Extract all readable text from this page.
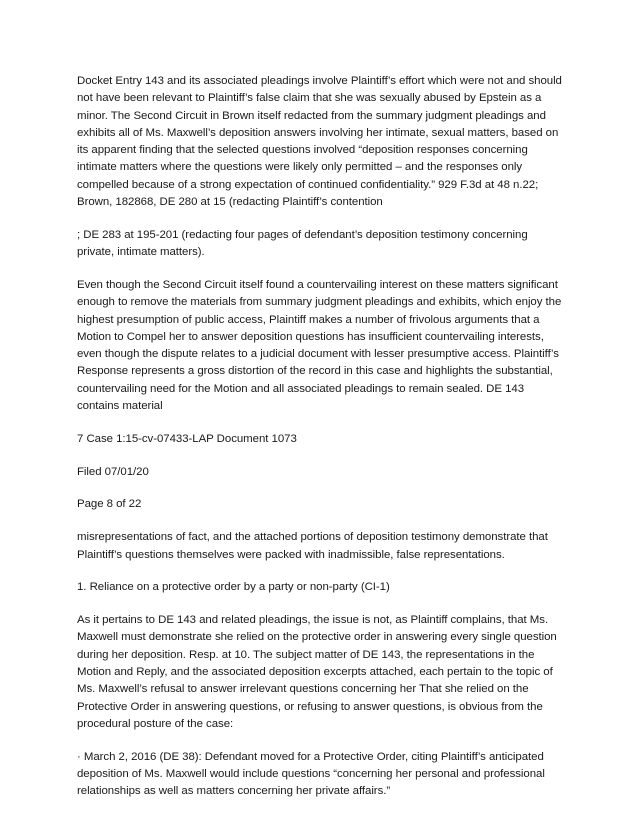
Docket Entry 143 and its associated pleadings involve Plaintiff’s effort which were not and should not have been relevant to Plaintiff’s false claim that she was sexually abused by Epstein as a minor. The Second Circuit in Brown itself redacted from the summary judgment pleadings and exhibits all of Ms. Maxwell’s deposition answers involving her intimate, sexual matters, based on its apparent finding that the selected questions involved “deposition responses concerning intimate matters where the questions were likely only permitted – and the responses only compelled because of a strong expectation of continued confidentiality.” 929 F.3d at 48 n.22; Brown, 182868, DE 280 at 15 (redacting Plaintiff’s contention

; DE 283 at 195-201 (redacting four pages of defendant’s deposition testimony concerning private, intimate matters).

Even though the Second Circuit itself found a countervailing interest on these matters significant enough to remove the materials from summary judgment pleadings and exhibits, which enjoy the highest presumption of public access, Plaintiff makes a number of frivolous arguments that a Motion to Compel her to answer deposition questions has insufficient countervailing interests, even though the dispute relates to a judicial document with lesser presumptive access. Plaintiff’s Response represents a gross distortion of the record in this case and highlights the substantial, countervailing need for the Motion and all associated pleadings to remain sealed. DE 143 contains material

7 Case 1:15-cv-07433-LAP Document 1073

Filed 07/01/20

Page 8 of 22

misrepresentations of fact, and the attached portions of deposition testimony demonstrate that Plaintiff’s questions themselves were packed with inadmissible, false representations.

1. Reliance on a protective order by a party or non-party (CI-1)

As it pertains to DE 143 and related pleadings, the issue is not, as Plaintiff complains, that Ms. Maxwell must demonstrate she relied on the protective order in answering every single question during her deposition. Resp. at 10. The subject matter of DE 143, the representations in the Motion and Reply, and the associated deposition excerpts attached, each pertain to the topic of Ms. Maxwell’s refusal to answer irrelevant questions concerning her That she relied on the Protective Order in answering questions, or refusing to answer questions, is obvious from the procedural posture of the case:

· March 2, 2016 (DE 38): Defendant moved for a Protective Order, citing Plaintiff’s anticipated deposition of Ms. Maxwell would include questions “concerning her personal and professional relationships as well as matters concerning her private affairs.”
